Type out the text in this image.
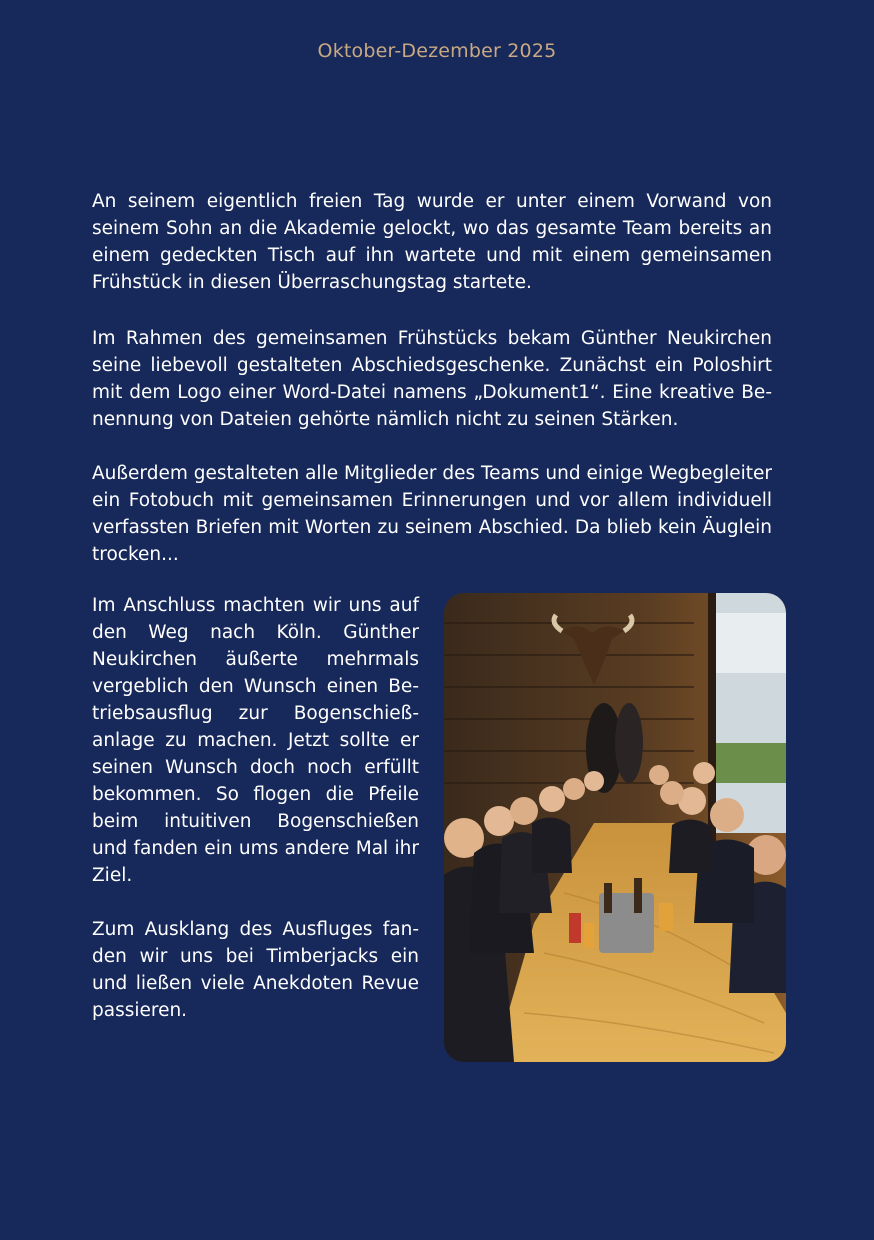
Oktober-Dezember 2025

An seinem eigentlich freien Tag wurde er unter einem Vorwand von seinem Sohn an die Akademie gelockt, wo das gesamte Team bereits an einem gedeckten Tisch auf ihn wartete und mit einem gemeinsamen Frühstück in diesen Überraschungstag startete.

Im Rahmen des gemeinsamen Frühstücks bekam Günther Neukirchen seine liebevoll gestalteten Abschiedsgeschenke. Zunächst ein Poloshirt mit dem Logo einer Word-Datei namens „Dokument1“. Eine kreative Benennung von Dateien gehörte nämlich nicht zu seinen Stärken.

Außerdem gestalteten alle Mitglieder des Teams und einige Wegbegleiter ein Fotobuch mit gemeinsamen Erinnerungen und vor allem individuell verfassten Briefen mit Worten zu seinem Abschied. Da blieb kein Äuglein trocken...

Im Anschluss machten wir uns auf den Weg nach Köln. Günther Neukirchen äußerte mehrmals vergeblich den Wunsch einen Betriebsausflug zur Bogenschießanlage zu machen. Jetzt sollte er seinen Wunsch doch noch erfüllt bekommen. So flogen die Pfeile beim intuitiven Bogenschießen und fanden ein ums andere Mal ihr Ziel.

Zum Ausklang des Ausfluges fanden wir uns bei Timberjacks ein und ließen viele Anekdoten Revue passieren.
